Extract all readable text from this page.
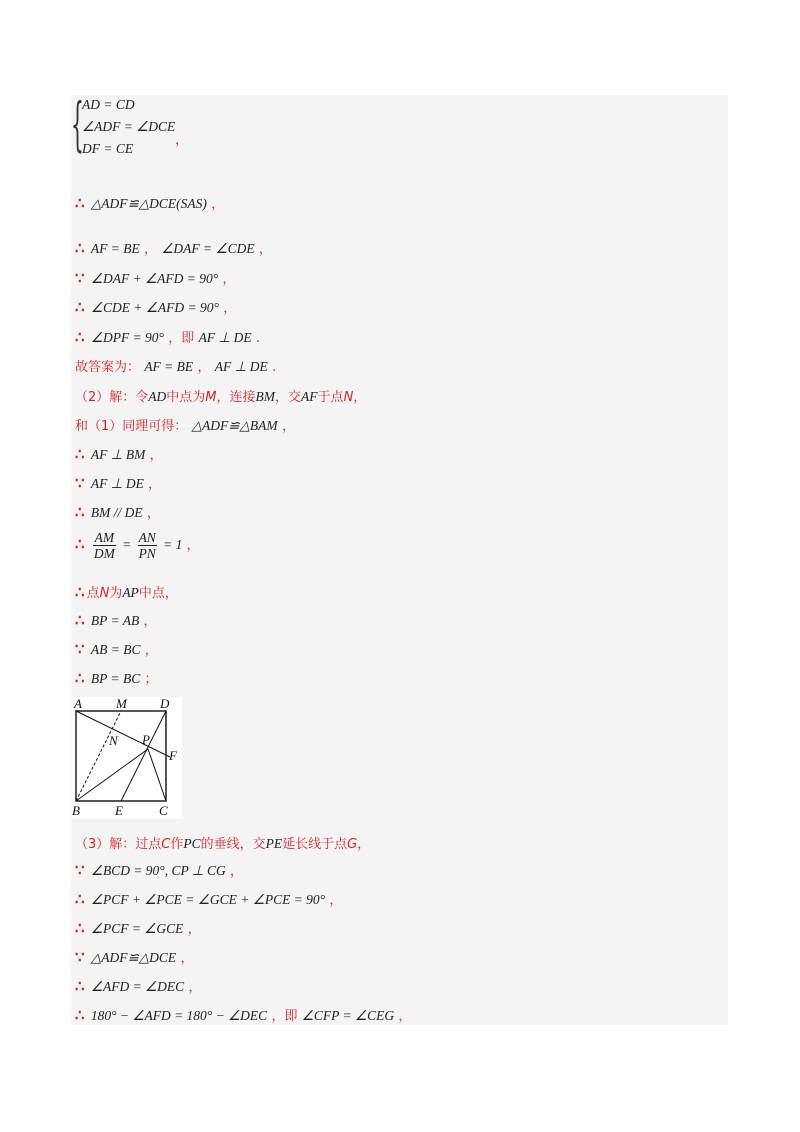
{
AD = CD
∠ADF = ∠DCE
DF = CE
，
∴ △ADF≌△DCE(SAS) ，
∴ AF = BE ， ∠DAF = ∠CDE ，
∵ ∠DAF + ∠AFD = 90° ，
∴ ∠CDE + ∠AFD = 90° ，
∴ ∠DPF = 90° ，即 AF ⊥ DE .
故答案为： AF = BE ， AF ⊥ DE .
（2）解：令AD中点为M，连接BM，交AF于点N，
和（1）同理可得： △ADF≌△BAM ，
∴ AF ⊥ BM ，
∵ AF ⊥ DE ，
∴ BM // DE ，
∴ $\frac{AM}{DM} = \frac{AN}{PN} = 1$ ，
∴ 点N为AP中点，
∴ BP = AB ，
∵ AB = BC ，
∴ BP = BC ；
A	M	D
N P
F
B	E	C
（3）解：过点C作PC的垂线，交PE延长线于点G，
∵ ∠BCD = 90°, CP ⊥ CG ，
∴ ∠PCF + ∠PCE = ∠GCE + ∠PCE = 90° ，
∴ ∠PCF = ∠GCE ，
∵ △ADF≌△DCE ，
∴ ∠AFD = ∠DEC ，
∴ 180° − ∠AFD = 180° − ∠DEC ，即 ∠CFP = ∠CEG ，
